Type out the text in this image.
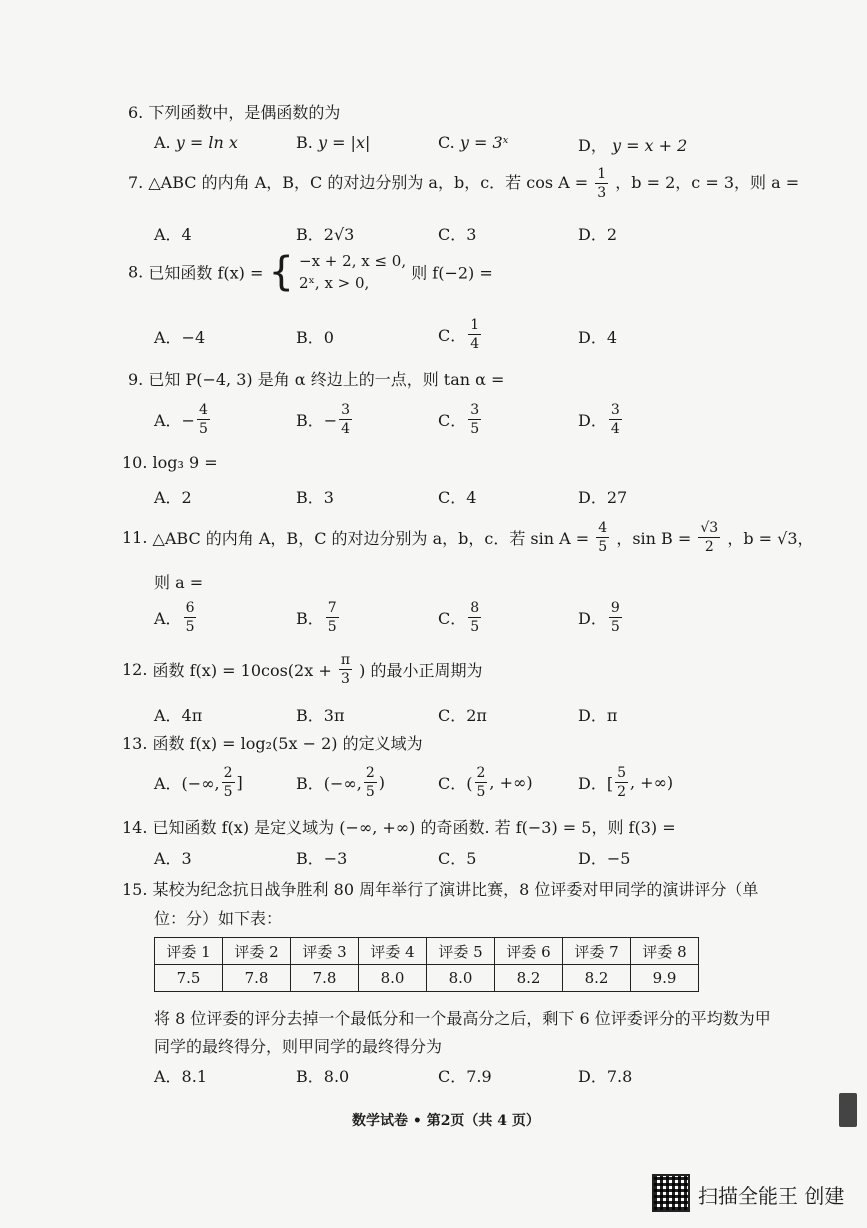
6. 下列函数中，是偶函数的为
A. y = ln x	B. y = |x|	C. y = 3ˣ	D， y = x + 2
7. △ABC 的内角 A，B，C 的对边分别为 a，b，c．若 $\cos A = \frac{1}{3}$ ，b = 2，c = 3，则 a =
A．4	B．2√3	C．3	D．2
8. 已知函数 f(x) = { −x + 2, x ≤ 0,
2ˣ, x > 0, 则 f(−2) =
A．−4	B．0	C． $\frac{1}{4}$	D．4
9. 已知 P(−4, 3) 是角 α 终边上的一点，则 tan α =
A．− $\frac{4}{5}$	B．− $\frac{3}{4}$	C． $\frac{3}{5}$	D． $\frac{3}{4}$
10. log₃ 9 =
A．2	B．3	C．4	D．27
11. △ABC 的内角 A，B，C 的对边分别为 a，b，c．若 $\sin A = \frac{4}{5}$ ，$\sin B = \frac{√3}{2}$ ，b = √3，
则 a =
A． $\frac{6}{5}$	B． $\frac{7}{5}$	C． $\frac{8}{5}$	D． $\frac{9}{5}$
12. 函数 $f(x) = 10\cos(2x + \frac{\pi}{3}$ ) 的最小正周期为
A．4π	B．3π	C．2π	D．π
13. 函数 f(x) = log₂(5x − 2) 的定义域为
A．(−∞, $\frac{2}{5}$ ]	B．(−∞, $\frac{2}{5}$ )	C．( $\frac{2}{5}$ , +∞)	D．[ $\frac{5}{2}$ , +∞)
14. 已知函数 f(x) 是定义域为 (−∞, +∞) 的奇函数. 若 f(−3) = 5，则 f(3) =
A．3	B．−3	C．5	D．−5
15. 某校为纪念抗日战争胜利 80 周年举行了演讲比赛，8 位评委对甲同学的演讲评分（单
位：分）如下表：
评委 1	评委 2	评委 3	评委 4	评委 5	评委 6	评委 7	评委 8
7.5	7.8	7.8	8.0	8.0	8.2	8.2	9.9
将 8 位评委的评分去掉一个最低分和一个最高分之后，剩下 6 位评委评分的平均数为甲
同学的最终得分，则甲同学的最终得分为
A．8.1	B．8.0	C．7.9	D．7.8
数学试卷 • 第2页（共 4 页）
扫描全能王 创建
